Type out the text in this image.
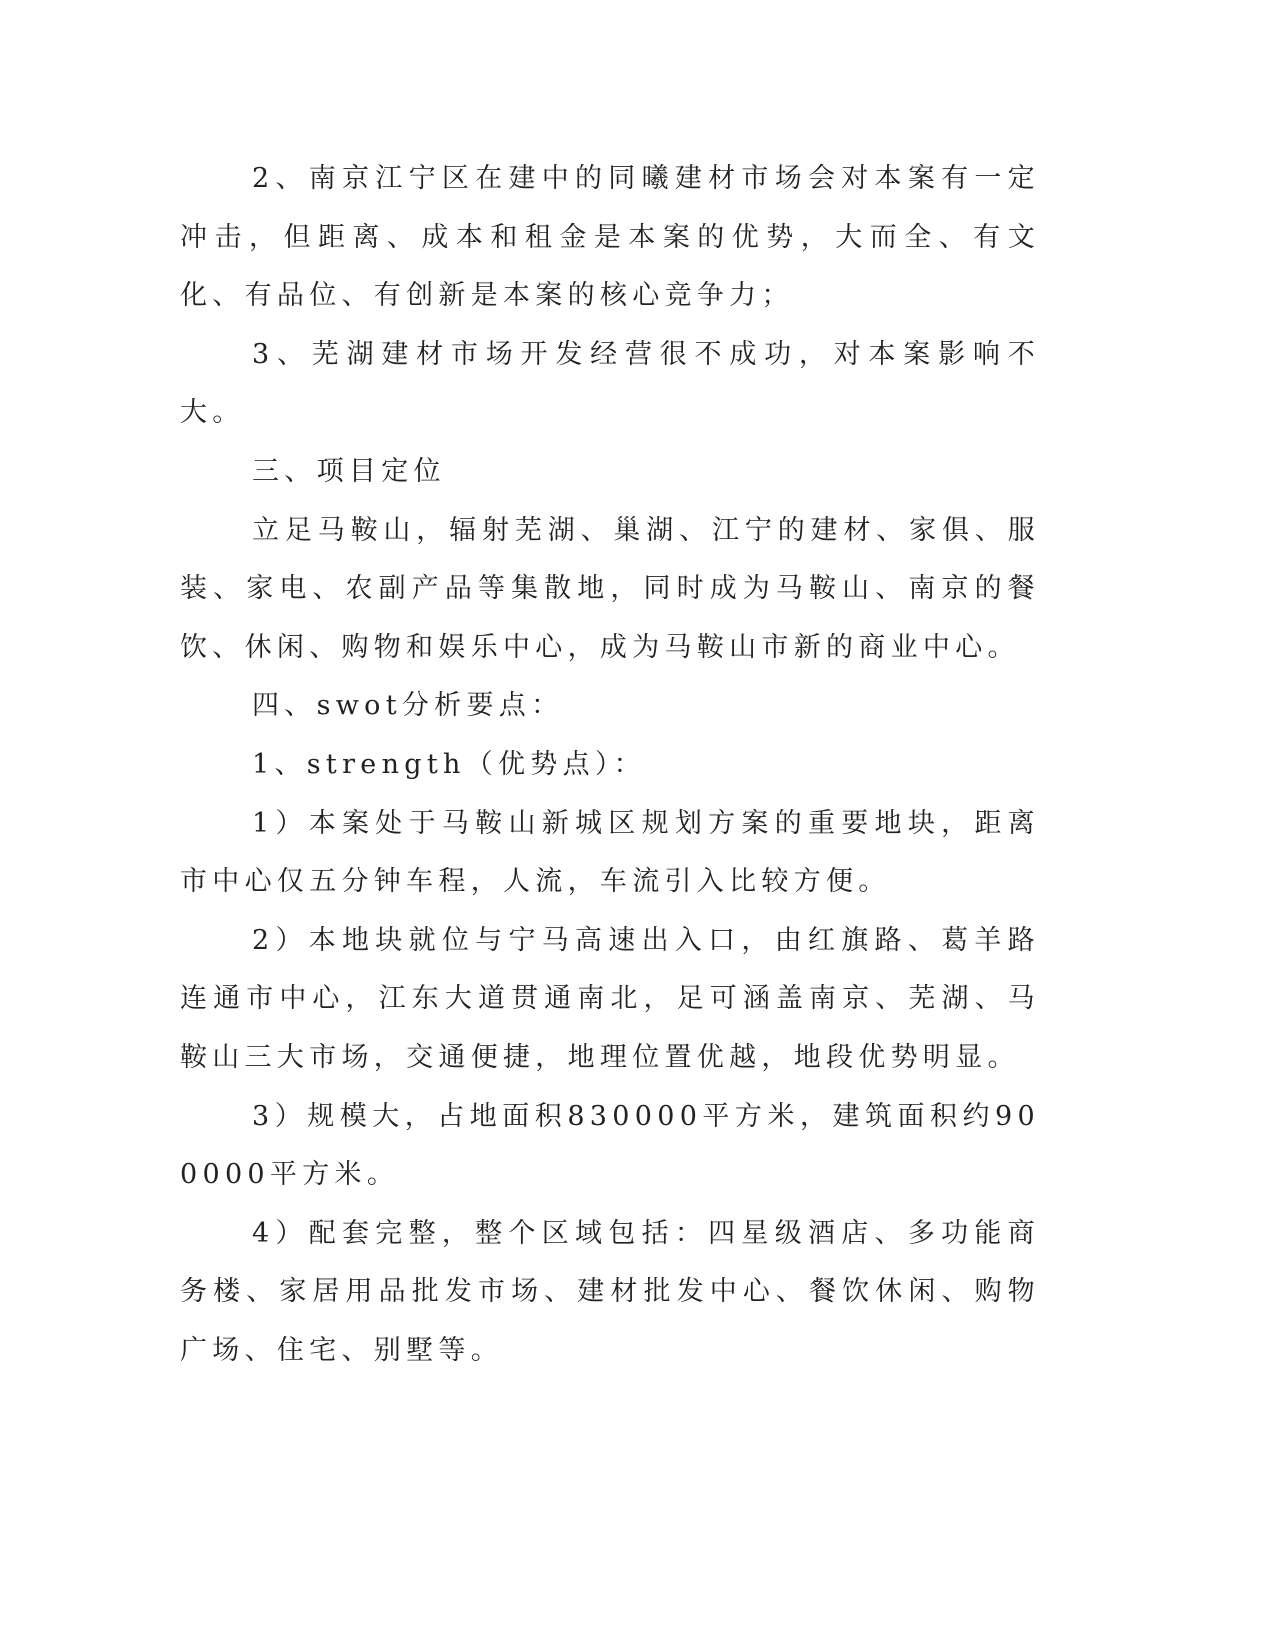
2、南京江宁区在建中的同曦建材市场会对本案有一定冲击，但距离、成本和租金是本案的优势，大而全、有文化、有品位、有创新是本案的核心竞争力；

3、芜湖建材市场开发经营很不成功，对本案影响不大。

三、项目定位

立足马鞍山，辐射芜湖、巢湖、江宁的建材、家俱、服装、家电、农副产品等集散地，同时成为马鞍山、南京的餐饮、休闲、购物和娱乐中心，成为马鞍山市新的商业中心。

四、swot分析要点：

1、strength（优势点）：

1）本案处于马鞍山新城区规划方案的重要地块，距离市中心仅五分钟车程，人流，车流引入比较方便。

2）本地块就位与宁马高速出入口，由红旗路、葛羊路连通市中心，江东大道贯通南北，足可涵盖南京、芜湖、马鞍山三大市场，交通便捷，地理位置优越，地段优势明显。

3）规模大，占地面积830000平方米，建筑面积约900000平方米。

4）配套完整，整个区域包括：四星级酒店、多功能商务楼、家居用品批发市场、建材批发中心、餐饮休闲、购物广场、住宅、别墅等。
